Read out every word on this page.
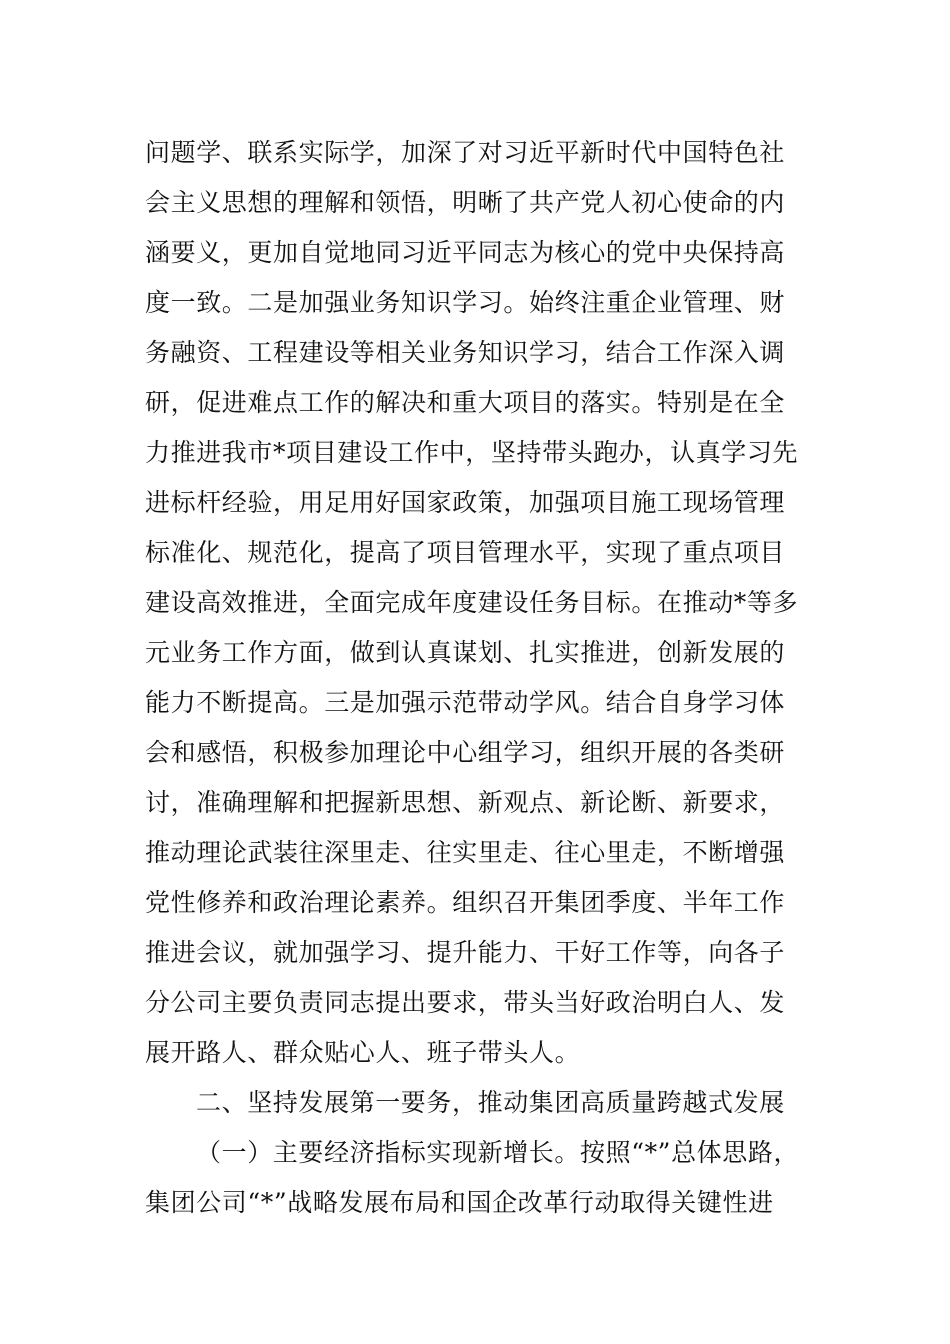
问题学、联系实际学，加深了对习近平新时代中国特色社
会主义思想的理解和领悟，明晰了共产党人初心使命的内
涵要义，更加自觉地同习近平同志为核心的党中央保持高
度一致。二是加强业务知识学习。始终注重企业管理、财
务融资、工程建设等相关业务知识学习，结合工作深入调
研，促进难点工作的解决和重大项目的落实。特别是在全
力推进我市*项目建设工作中，坚持带头跑办，认真学习先
进标杆经验，用足用好国家政策，加强项目施工现场管理
标准化、规范化，提高了项目管理水平，实现了重点项目
建设高效推进，全面完成年度建设任务目标。在推动*等多
元业务工作方面，做到认真谋划、扎实推进，创新发展的
能力不断提高。三是加强示范带动学风。结合自身学习体
会和感悟，积极参加理论中心组学习，组织开展的各类研
讨，准确理解和把握新思想、新观点、新论断、新要求，
推动理论武装往深里走、往实里走、往心里走，不断增强
党性修养和政治理论素养。组织召开集团季度、半年工作
推进会议，就加强学习、提升能力、干好工作等，向各子
分公司主要负责同志提出要求，带头当好政治明白人、发
展开路人、群众贴心人、班子带头人。
二、坚持发展第一要务，推动集团高质量跨越式发展
（一）主要经济指标实现新增长。按照“*”总体思路，
集团公司“*”战略发展布局和国企改革行动取得关键性进
